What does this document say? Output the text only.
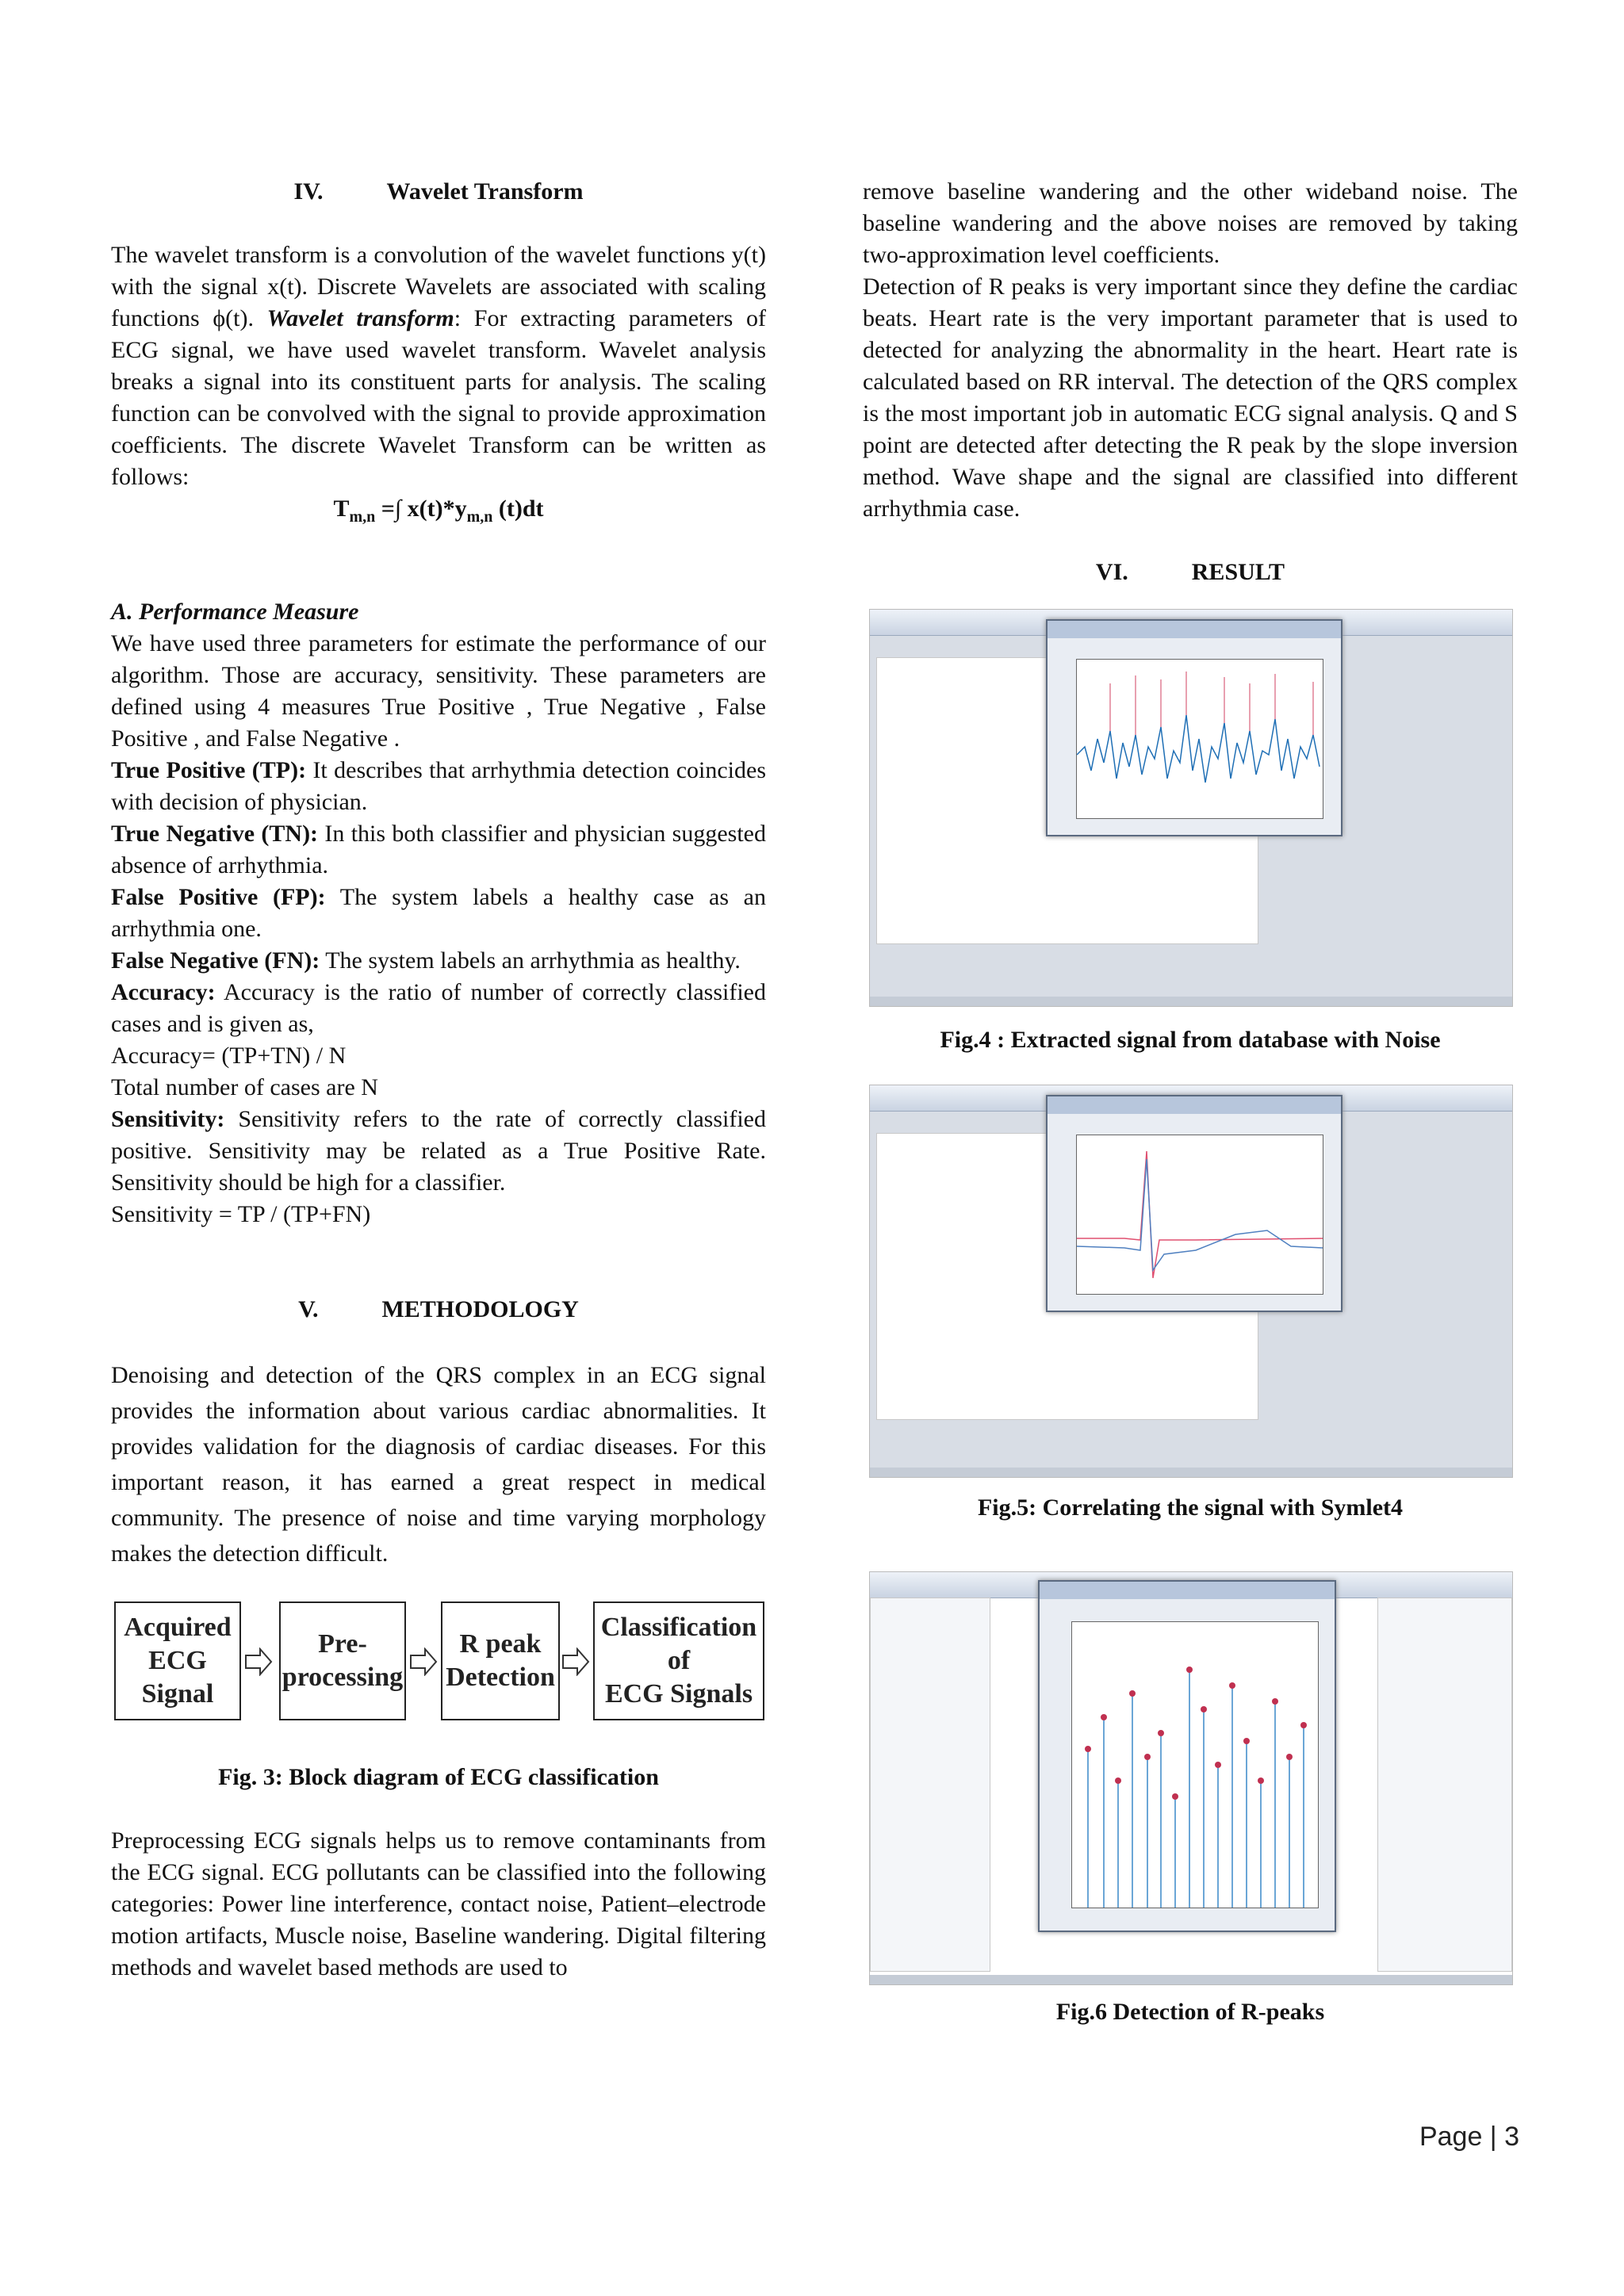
IV.	Wavelet Transform

The wavelet transform is a convolution of the wavelet functions y(t) with the signal x(t). Discrete Wavelets are associated with scaling functions ϕ(t). Wavelet transform: For extracting parameters of ECG signal, we have used wavelet transform. Wavelet analysis breaks a signal into its constituent parts for analysis. The scaling function can be convolved with the signal to provide approximation coefficients. The discrete Wavelet Transform can be written as follows:

$T_{m,n}$ =∫ $x(t)*y_{m,n}$ (t)dt

A. Performance Measure

We have used three parameters for estimate the performance of our algorithm. Those are accuracy, sensitivity. These parameters are defined using 4 measures True Positive , True Negative , False Positive , and False Negative .

True Positive (TP): It describes that arrhythmia detection coincides with decision of physician.

True Negative (TN): In this both classifier and physician suggested absence of arrhythmia.

False Positive (FP): The system labels a healthy case as an arrhythmia one.

False Negative (FN): The system labels an arrhythmia as healthy.

Accuracy: Accuracy is the ratio of number of correctly classified cases and is given as,

Accuracy= (TP+TN) / N

Total number of cases are N

Sensitivity: Sensitivity refers to the rate of correctly classified positive. Sensitivity may be related as a True Positive Rate. Sensitivity should be high for a classifier.

Sensitivity = TP / (TP+FN)

V.	METHODOLOGY

Denoising and detection of the QRS complex in an ECG signal provides the information about various cardiac abnormalities. It provides validation for the diagnosis of cardiac diseases. For this important reason, it has earned a great respect in medical community. The presence of noise and time varying morphology makes the detection difficult.

Acquired
ECG Signal
Pre-
processing
R peak
Detection
Classification of
ECG Signals

Fig. 3: Block diagram of ECG classification

Preprocessing ECG signals helps us to remove contaminants from the ECG signal. ECG pollutants can be classified into the following categories: Power line interference, contact noise, Patient–electrode motion artifacts, Muscle noise, Baseline wandering. Digital filtering methods and wavelet based methods are used to

remove baseline wandering and the other wideband noise. The baseline wandering and the above noises are removed by taking two-approximation level coefficients.

Detection of R peaks is very important since they define the cardiac beats. Heart rate is the very important parameter that is used to detected for analyzing the abnormality in the heart. Heart rate is calculated based on RR interval. The detection of the QRS complex is the most important job in automatic ECG signal analysis. Q and S point are detected after detecting the R peak by the slope inversion method. Wave shape and the signal are classified into different arrhythmia case.

VI.	RESULT

Fig.4 : Extracted signal from database with Noise

Fig.5: Correlating the signal with Symlet4

Fig.6 Detection of R-peaks

Page | 3
